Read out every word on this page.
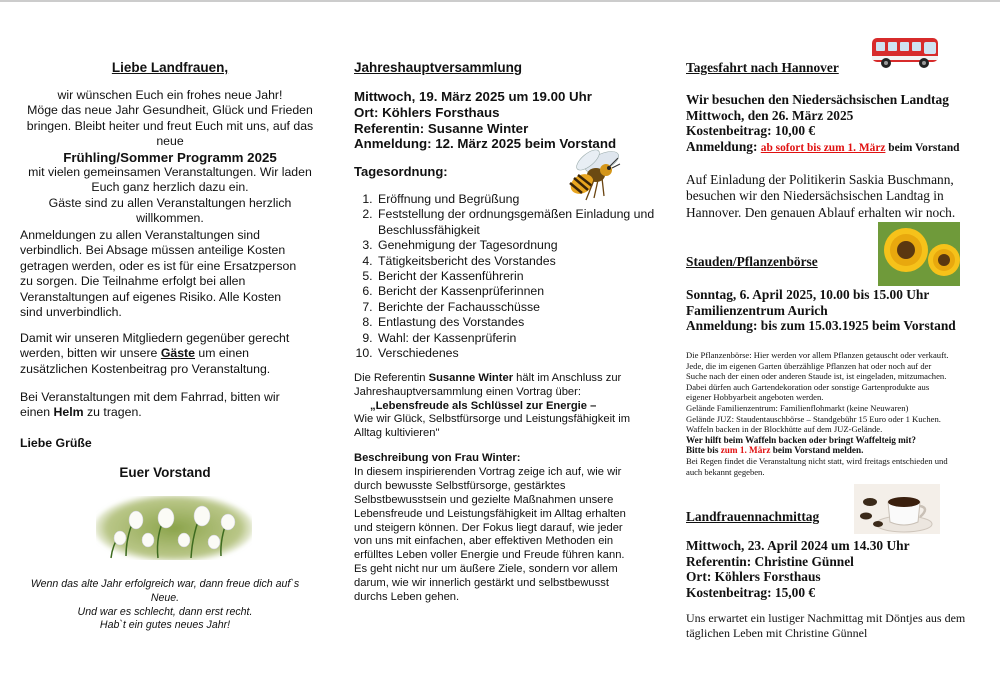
Liebe Landfrauen,

wir wünschen Euch ein frohes neue Jahr!

Möge das neue Jahr Gesundheit, Glück und Frieden

bringen. Bleibt heiter und freut Euch mit uns, auf das

neue

Frühling/Sommer Programm 2025

mit vielen gemeinsamen Veranstaltungen. Wir laden

Euch ganz herzlich dazu ein.

Gäste sind zu allen Veranstaltungen herzlich

willkommen.

Anmeldungen zu allen Veranstaltungen sind

verbindlich. Bei Absage müssen anteilige Kosten

getragen werden, oder es ist für eine Ersatzperson

zu sorgen. Die Teilnahme erfolgt bei allen

Veranstaltungen auf eigenes Risiko. Alle Kosten

sind unverbindlich.

Damit wir unseren Mitgliedern gegenüber gerecht

werden, bitten wir unsere Gäste um einen

zusätzlichen Kostenbeitrag pro Veranstaltung.

Bei Veranstaltungen mit dem Fahrrad, bitten wir

einen Helm zu tragen.

Liebe Grüße
Euer Vorstand

Wenn das alte Jahr erfolgreich war, dann freue dich auf`s

Neue.

Und war es schlecht, dann erst recht.

Hab`t ein gutes neues Jahr!

Jahreshauptversammlung

Mittwoch, 19. März 2025 um 19.00 Uhr

Ort: Köhlers Forsthaus

Referentin: Susanne Winter

Anmeldung: 12. März 2025 beim Vorstand

Tagesordnung:
1. Eröffnung und Begrüßung
2. Feststellung der ordnungsgemäßen Einladung und Beschlussfähigkeit
3. Genehmigung der Tagesordnung
4. Tätigkeitsbericht des Vorstandes
5. Bericht der Kassenführerin
6. Bericht der Kassenprüferinnen
7. Berichte der Fachausschüsse
8. Entlastung des Vorstandes
9. Wahl: der Kassenprüferin
10. Verschiedenes

Die Referentin Susanne Winter hält im Anschluss zur

Jahreshauptversammlung einen Vortrag über:

„Lebensfreude als Schlüssel zur Energie –

Wie wir Glück, Selbstfürsorge und Leistungsfähigkeit im

Alltag kultivieren"

Beschreibung von Frau Winter:

In diesem inspirierenden Vortrag zeige ich auf, wie wir

durch bewusste Selbstfürsorge, gestärktes

Selbstbewusstsein und gezielte Maßnahmen unsere

Lebensfreude und Leistungsfähigkeit im Alltag erhalten

und steigern können. Der Fokus liegt darauf, wie jeder

von uns mit einfachen, aber effektiven Methoden ein

erfülltes Leben voller Energie und Freude führen kann.

Es geht nicht nur um äußere Ziele, sondern vor allem

darum, wie wir innerlich gestärkt und selbstbewusst

durchs Leben gehen.

Tagesfahrt nach Hannover

Wir besuchen den Niedersächsischen Landtag

Mittwoch, den 26. März 2025

Kostenbeitrag: 10,00 €

Anmeldung: ab sofort bis zum 1. März beim Vorstand

Auf Einladung der Politikerin Saskia Buschmann,

besuchen wir den Niedersächsischen Landtag in

Hannover. Den genauen Ablauf erhalten wir noch.

Stauden/Pflanzenbörse

Sonntag, 6. April 2025, 10.00 bis 15.00 Uhr

Familienzentrum Aurich

Anmeldung: bis zum 15.03.1925 beim Vorstand

Die Pflanzenbörse: Hier werden vor allem Pflanzen getauscht oder verkauft.

Jede, die im eigenen Garten überzählige Pflanzen hat oder noch auf der

Suche nach der einen oder anderen Staude ist, ist eingeladen, mitzumachen.

Dabei dürfen auch Gartendekoration oder sonstige Gartenprodukte aus

eigener Hobbyarbeit angeboten werden.

Gelände Familienzentrum: Familienflohmarkt (keine Neuwaren)

Gelände JUZ: Staudentauschbörse – Standgebühr 15 Euro oder 1 Kuchen.

Waffeln backen in der Blockhütte auf dem JUZ-Gelände.

Wer hilft beim Waffeln backen oder bringt Waffelteig mit?

Bitte bis zum 1. März beim Vorstand melden.

Bei Regen findet die Veranstaltung nicht statt, wird freitags entschieden und

auch bekannt gegeben.

Landfrauennachmittag

Mittwoch, 23. April 2024 um 14.30 Uhr

Referentin: Christine Günnel

Ort: Köhlers Forsthaus

Kostenbeitrag: 15,00 €

Uns erwartet ein lustiger Nachmittag mit Döntjes aus dem

täglichen Leben mit Christine Günnel
